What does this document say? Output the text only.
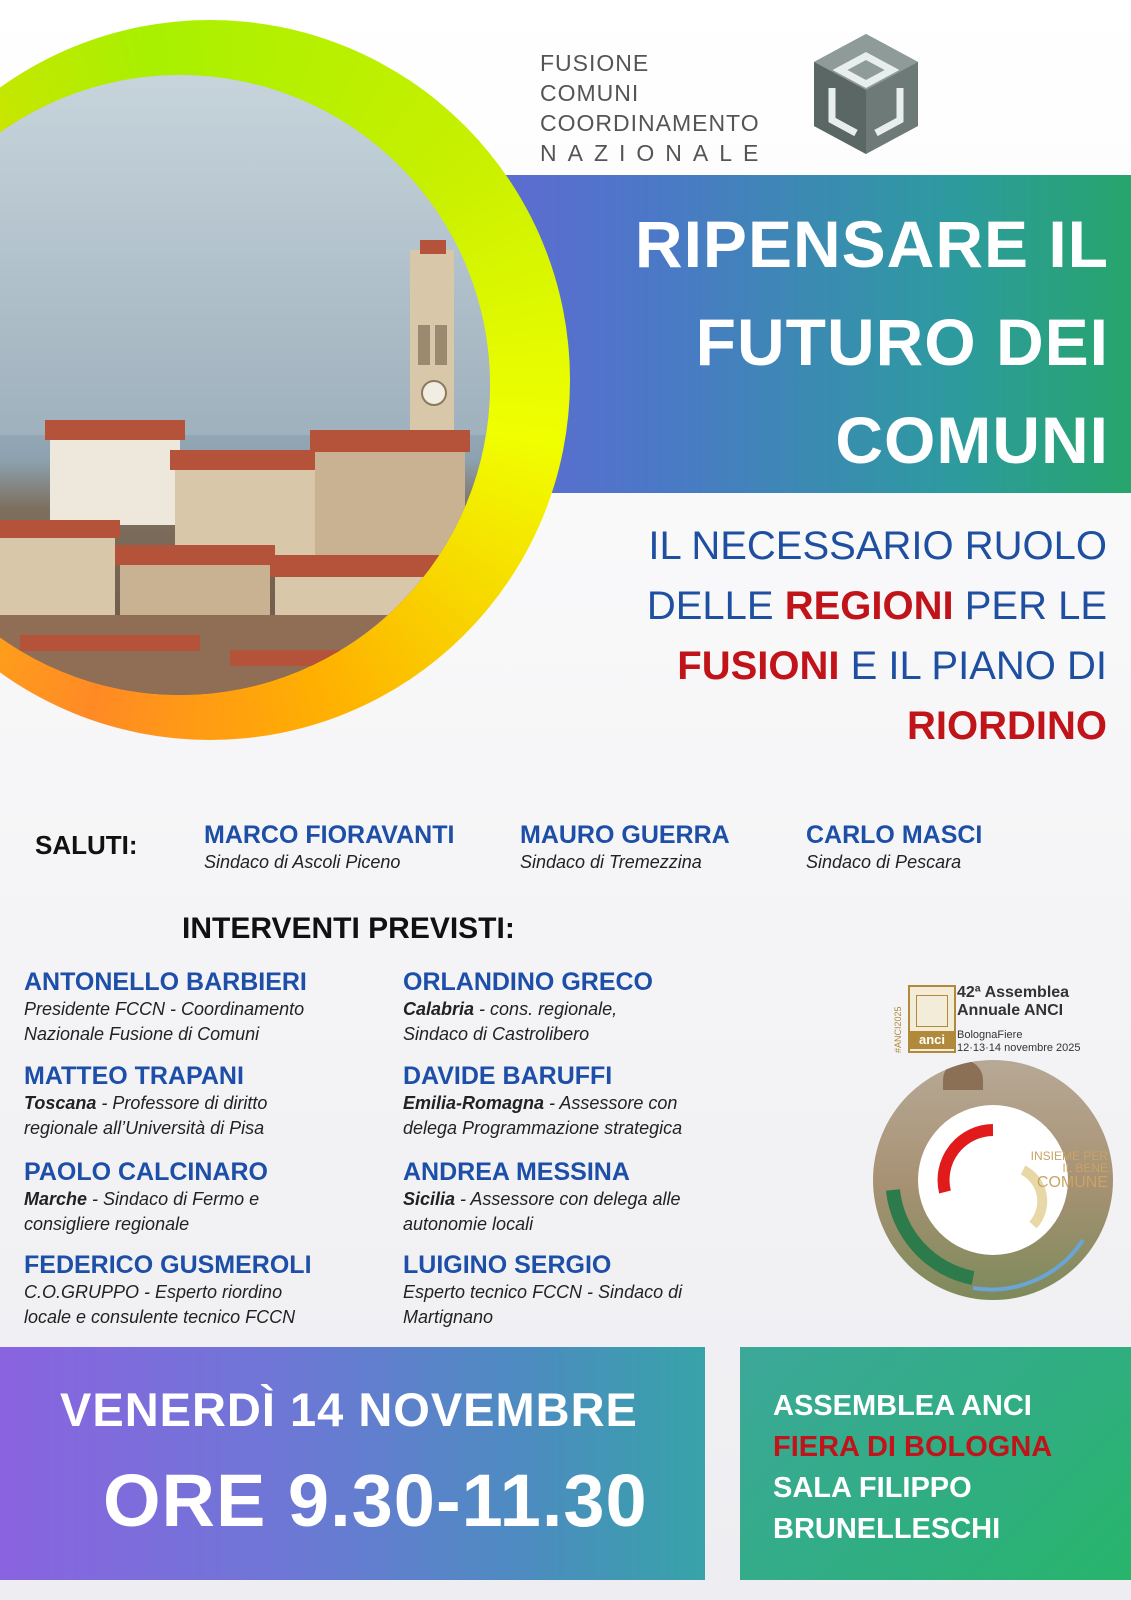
RIPENSARE IL
FUTURO DEI
COMUNI
FUSIONE COMUNI
COORDINAMENTO
NAZIONALE
IL NECESSARIO RUOLO
DELLE REGIONI PER LE
FUSIONI E IL PIANO DI
RIORDINO
SALUTI:	MARCO FIORAVANTI
Sindaco di Ascoli Piceno
MAURO GUERRA
Sindaco di Tremezzina
CARLO MASCI
Sindaco di Pescara
INTERVENTI PREVISTI:
ANTONELLO BARBIERI
Presidente FCCN - Coordinamento
Nazionale Fusione di Comuni
ORLANDINO GRECO
Calabria - cons. regionale,
Sindaco di Castrolibero
MATTEO TRAPANI
Toscana - Professore di diritto
regionale all’Università di Pisa
DAVIDE BARUFFI
Emilia-Romagna - Assessore con
delega Programmazione strategica
PAOLO CALCINARO
Marche - Sindaco di Fermo e
consigliere regionale
ANDREA MESSINA
Sicilia - Assessore con delega alle
autonomie locali
FEDERICO GUSMEROLI
C.O.GRUPPO - Esperto riordino
locale e consulente tecnico FCCN
LUIGINO SERGIO
Esperto tecnico FCCN - Sindaco di
Martignano
#ANCI2025	anci
42ª Assemblea
Annuale ANCI
BolognaFiere
12·13·14 novembre 2025
INSIEME PER
IL BENE
COMUNE
VENERDÌ 14 NOVEMBRE
ORE 9.30-11.30
ASSEMBLEA ANCI
FIERA DI BOLOGNA
SALA FILIPPO
BRUNELLESCHI
